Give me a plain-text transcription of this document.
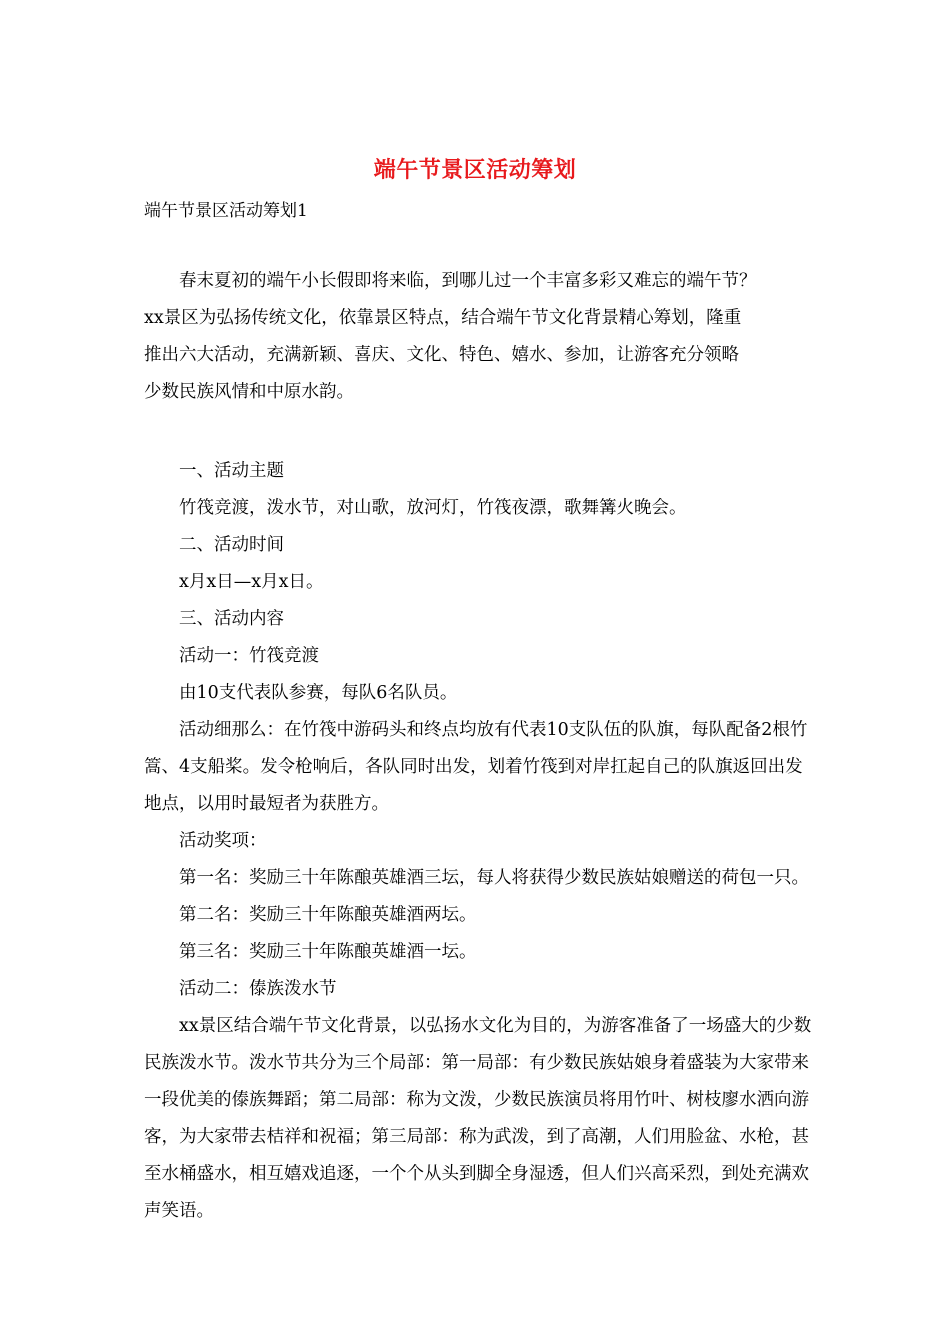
端午节景区活动筹划
端午节景区活动筹划1
春末夏初的端午小长假即将来临，到哪儿过一个丰富多彩又难忘的端午节？
xx景区为弘扬传统文化，依靠景区特点，结合端午节文化背景精心筹划，隆重
推出六大活动，充满新颖、喜庆、文化、特色、嬉水、参加，让游客充分领略
少数民族风情和中原水韵。

一、活动主题

竹筏竞渡，泼水节，对山歌，放河灯，竹筏夜漂，歌舞篝火晚会。

二、活动时间

x月x日—x月x日。

三、活动内容

活动一：竹筏竞渡

由10支代表队参赛，每队6名队员。

活动细那么：在竹筏中游码头和终点均放有代表10支队伍的队旗，每队配备2根竹篙、4支船桨。发令枪响后，各队同时出发，划着竹筏到对岸扛起自己的队旗返回出发地点，以用时最短者为获胜方。

活动奖项：

第一名：奖励三十年陈酿英雄酒三坛，每人将获得少数民族姑娘赠送的荷包一只。

第二名：奖励三十年陈酿英雄酒两坛。

第三名：奖励三十年陈酿英雄酒一坛。

活动二：傣族泼水节

xx景区结合端午节文化背景，以弘扬水文化为目的，为游客准备了一场盛大的少数民族泼水节。泼水节共分为三个局部：第一局部：有少数民族姑娘身着盛装为大家带来一段优美的傣族舞蹈；第二局部：称为文泼，少数民族演员将用竹叶、树枝廖水洒向游客，为大家带去桔祥和祝福；第三局部：称为武泼，到了高潮，人们用脸盆、水枪，甚至水桶盛水，相互嬉戏追逐，一个个从头到脚全身湿透，但人们兴高采烈，到处充满欢声笑语。
